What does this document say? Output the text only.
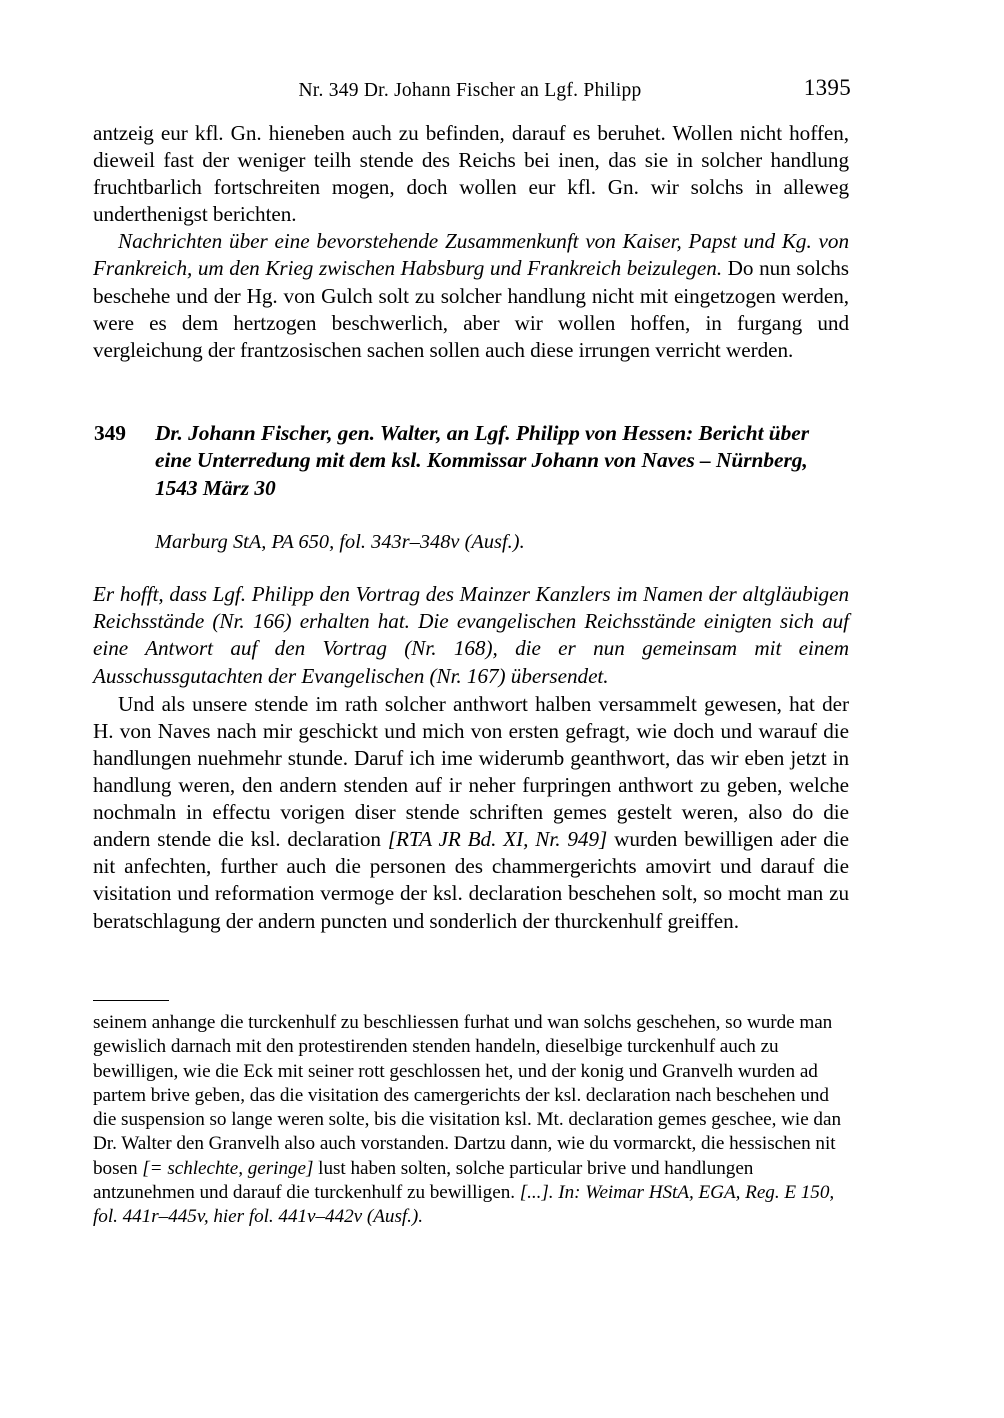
Nr. 349 Dr. Johann Fischer an Lgf. Philipp	1395

antzeig eur kfl. Gn. hieneben auch zu befinden, darauf es beruhet. Wollen nicht hoffen, dieweil fast der weniger teilh stende des Reichs bei inen, das sie in solcher handlung fruchtbarlich fortschreiten mogen, doch wollen eur kfl. Gn. wir solchs in alleweg underthenigst berichten.

Nachrichten über eine bevorstehende Zusammenkunft von Kaiser, Papst und Kg. von Frankreich, um den Krieg zwischen Habsburg und Frankreich beizulegen. Do nun solchs beschehe und der Hg. von Gulch solt zu solcher handlung nicht mit eingetzogen werden, were es dem hertzogen beschwerlich, aber wir wollen hoffen, in furgang und vergleichung der frantzosischen sachen sollen auch diese irrungen verricht werden.

349 Dr. Johann Fischer, gen. Walter, an Lgf. Philipp von Hessen: Bericht über eine Unterredung mit dem ksl. Kommissar Johann von Naves – Nürnberg, 1543 März 30
Marburg StA, PA 650, fol. 343r–348v (Ausf.).

Er hofft, dass Lgf. Philipp den Vortrag des Mainzer Kanzlers im Namen der altgläubigen Reichsstände (Nr. 166) erhalten hat. Die evangelischen Reichsstände einigten sich auf eine Antwort auf den Vortrag (Nr. 168), die er nun gemeinsam mit einem Ausschussgutachten der Evangelischen (Nr. 167) übersendet.

Und als unsere stende im rath solcher anthwort halben versammelt gewesen, hat der H. von Naves nach mir geschickt und mich von ersten gefragt, wie doch und warauf die handlungen nuehmehr stunde. Daruf ich ime widerumb geanthwort, das wir eben jetzt in handlung weren, den andern stenden auf ir neher furpringen anthwort zu geben, welche nochmaln in effectu vorigen diser stende schriften gemes gestelt weren, also do die andern stende die ksl. declaration [RTA JR Bd. XI, Nr. 949] wurden bewilligen ader die nit anfechten, further auch die personen des chammergerichts amovirt und darauf die visitation und reformation vermoge der ksl. declaration beschehen solt, so mocht man zu beratschlagung der andern puncten und sonderlich der thurckenhulf greiffen.

seinem anhange die turckenhulf zu beschliessen furhat und wan solchs geschehen, so wurde man gewislich darnach mit den protestirenden stenden handeln, dieselbige turckenhulf auch zu bewilligen, wie die Eck mit seiner rott geschlossen het, und der konig und Granvelh wurden ad partem brive geben, das die visitation des camergerichts der ksl. declaration nach beschehen und die suspension so lange weren solte, bis die visitation ksl. Mt. declaration gemes geschee, wie dan Dr. Walter den Granvelh also auch vorstanden. Dartzu dann, wie du vormarckt, die hessischen nit bosen [= schlechte, geringe] lust haben solten, solche particular brive und handlungen antzunehmen und darauf die turckenhulf zu bewilligen. [...]. In: Weimar HStA, EGA, Reg. E 150, fol. 441r–445v, hier fol. 441v–442v (Ausf.).
